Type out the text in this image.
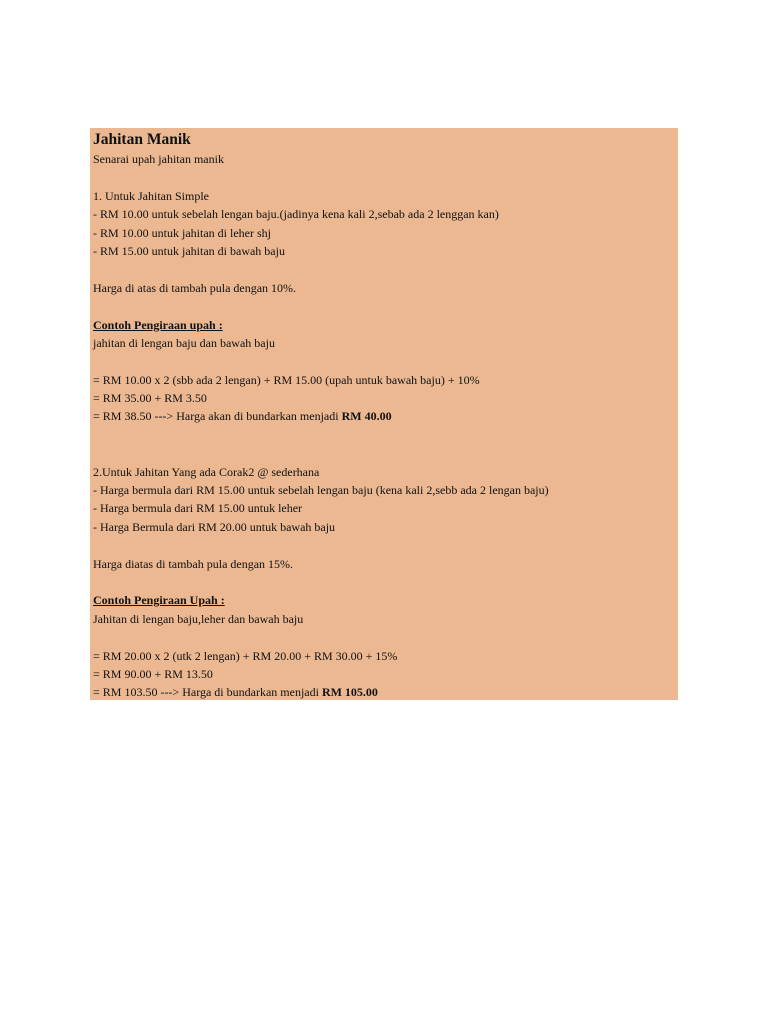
Jahitan Manik
Senarai upah jahitan manik
1. Untuk Jahitan Simple
- RM 10.00 untuk sebelah lengan baju.(jadinya kena kali 2,sebab ada 2 lenggan kan)
- RM 10.00 untuk jahitan di leher shj
- RM 15.00 untuk jahitan di bawah baju
Harga di atas di tambah pula dengan 10%.
Contoh Pengiraan upah :
jahitan di lengan baju dan bawah baju
= RM 10.00 x 2 (sbb ada 2 lengan) + RM 15.00 (upah untuk bawah baju) + 10%
= RM 35.00 + RM 3.50
= RM 38.50 ---> Harga akan di bundarkan menjadi RM 40.00
2.Untuk Jahitan Yang ada Corak2 @ sederhana
- Harga bermula dari RM 15.00 untuk sebelah lengan baju (kena kali 2,sebb ada 2 lengan baju)
- Harga bermula dari RM 15.00 untuk leher
- Harga Bermula dari RM 20.00 untuk bawah baju
Harga diatas di tambah pula dengan 15%.
Contoh Pengiraan Upah :
Jahitan di lengan baju,leher dan bawah baju
= RM 20.00 x 2 (utk 2 lengan) + RM 20.00 + RM 30.00 + 15%
= RM 90.00 + RM 13.50
= RM 103.50 ---> Harga di bundarkan menjadi RM 105.00
